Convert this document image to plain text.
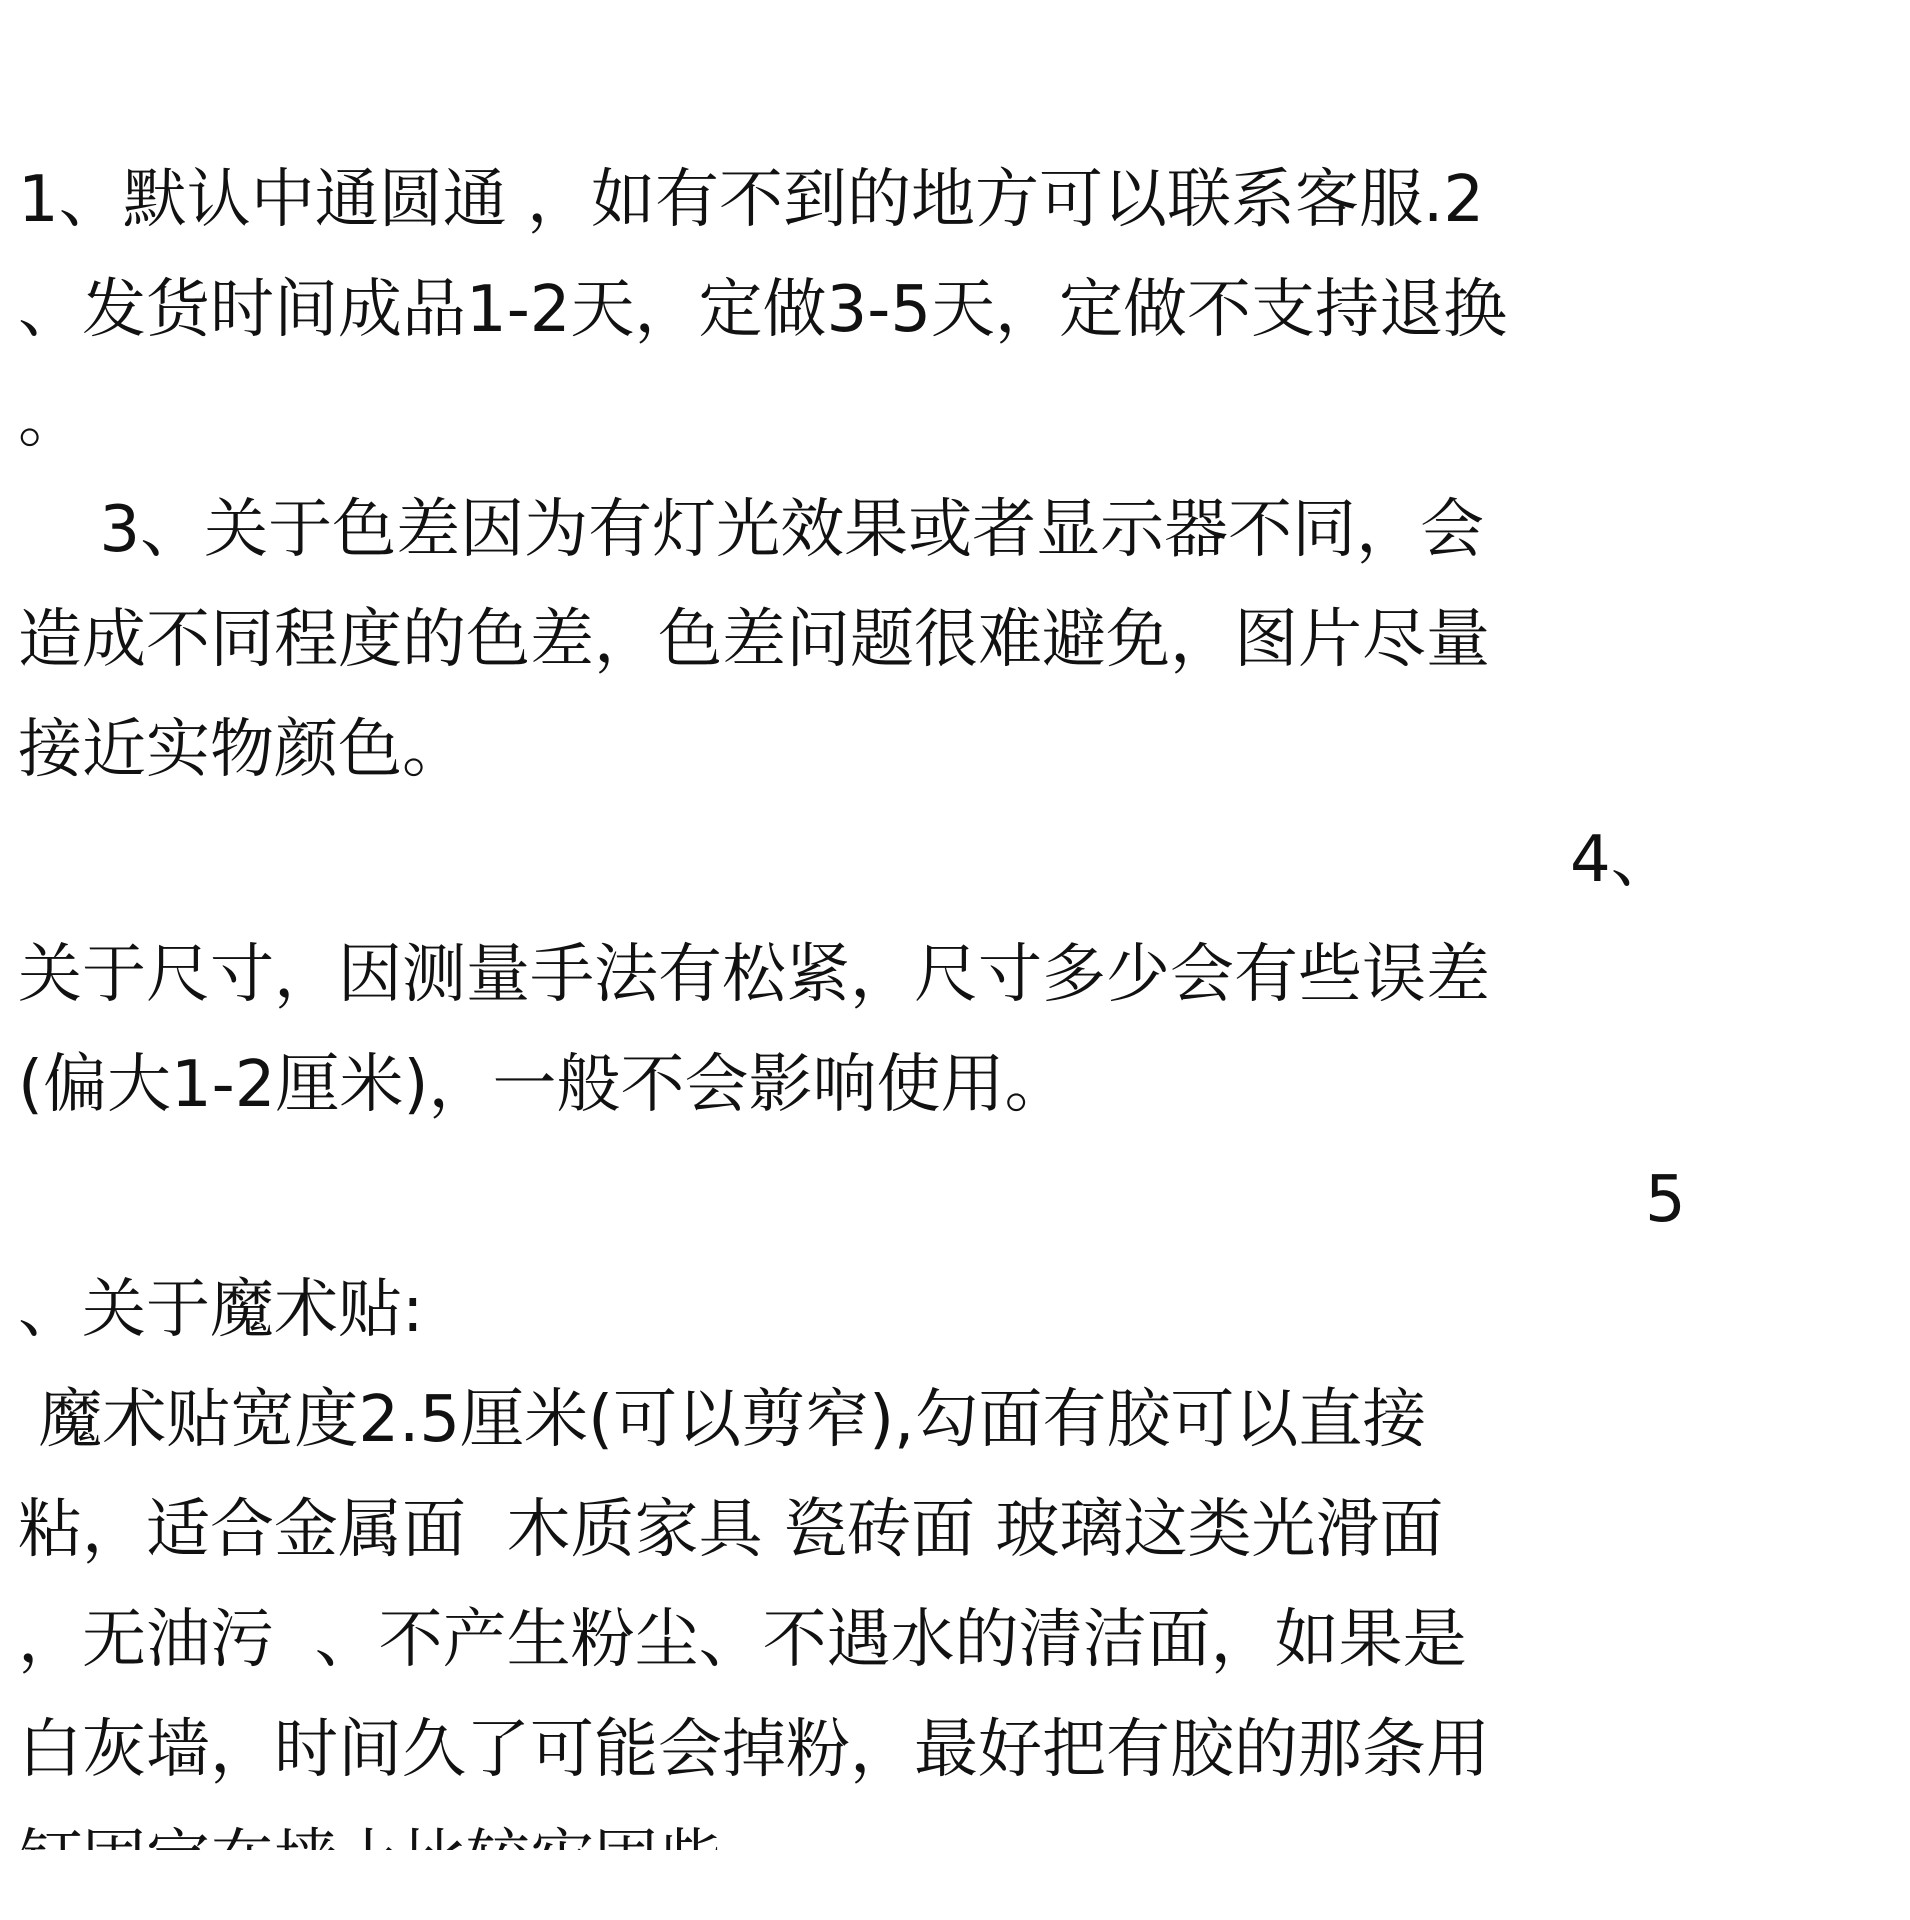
1、默认中通圆通 ，如有不到的地方可以联系客服.2

、发货时间成品1-2天，定做3-5天，定做不支持退换

。

3、关于色差因为有灯光效果或者显示器不同，会

造成不同程度的色差，色差问题很难避免，图片尽量

接近实物颜色。

4、

关于尺寸，因测量手法有松紧，尺寸多少会有些误差

(偏大1-2厘米)，一般不会影响使用。

5

、关于魔术贴:

魔术贴宽度2.5厘米(可以剪窄),勾面有胶可以直接

粘，适合金属面  木质家具 瓷砖面 玻璃这类光滑面

，无油污  、不产生粉尘、不遇水的清洁面，如果是

白灰墙，时间久了可能会掉粉，最好把有胶的那条用
